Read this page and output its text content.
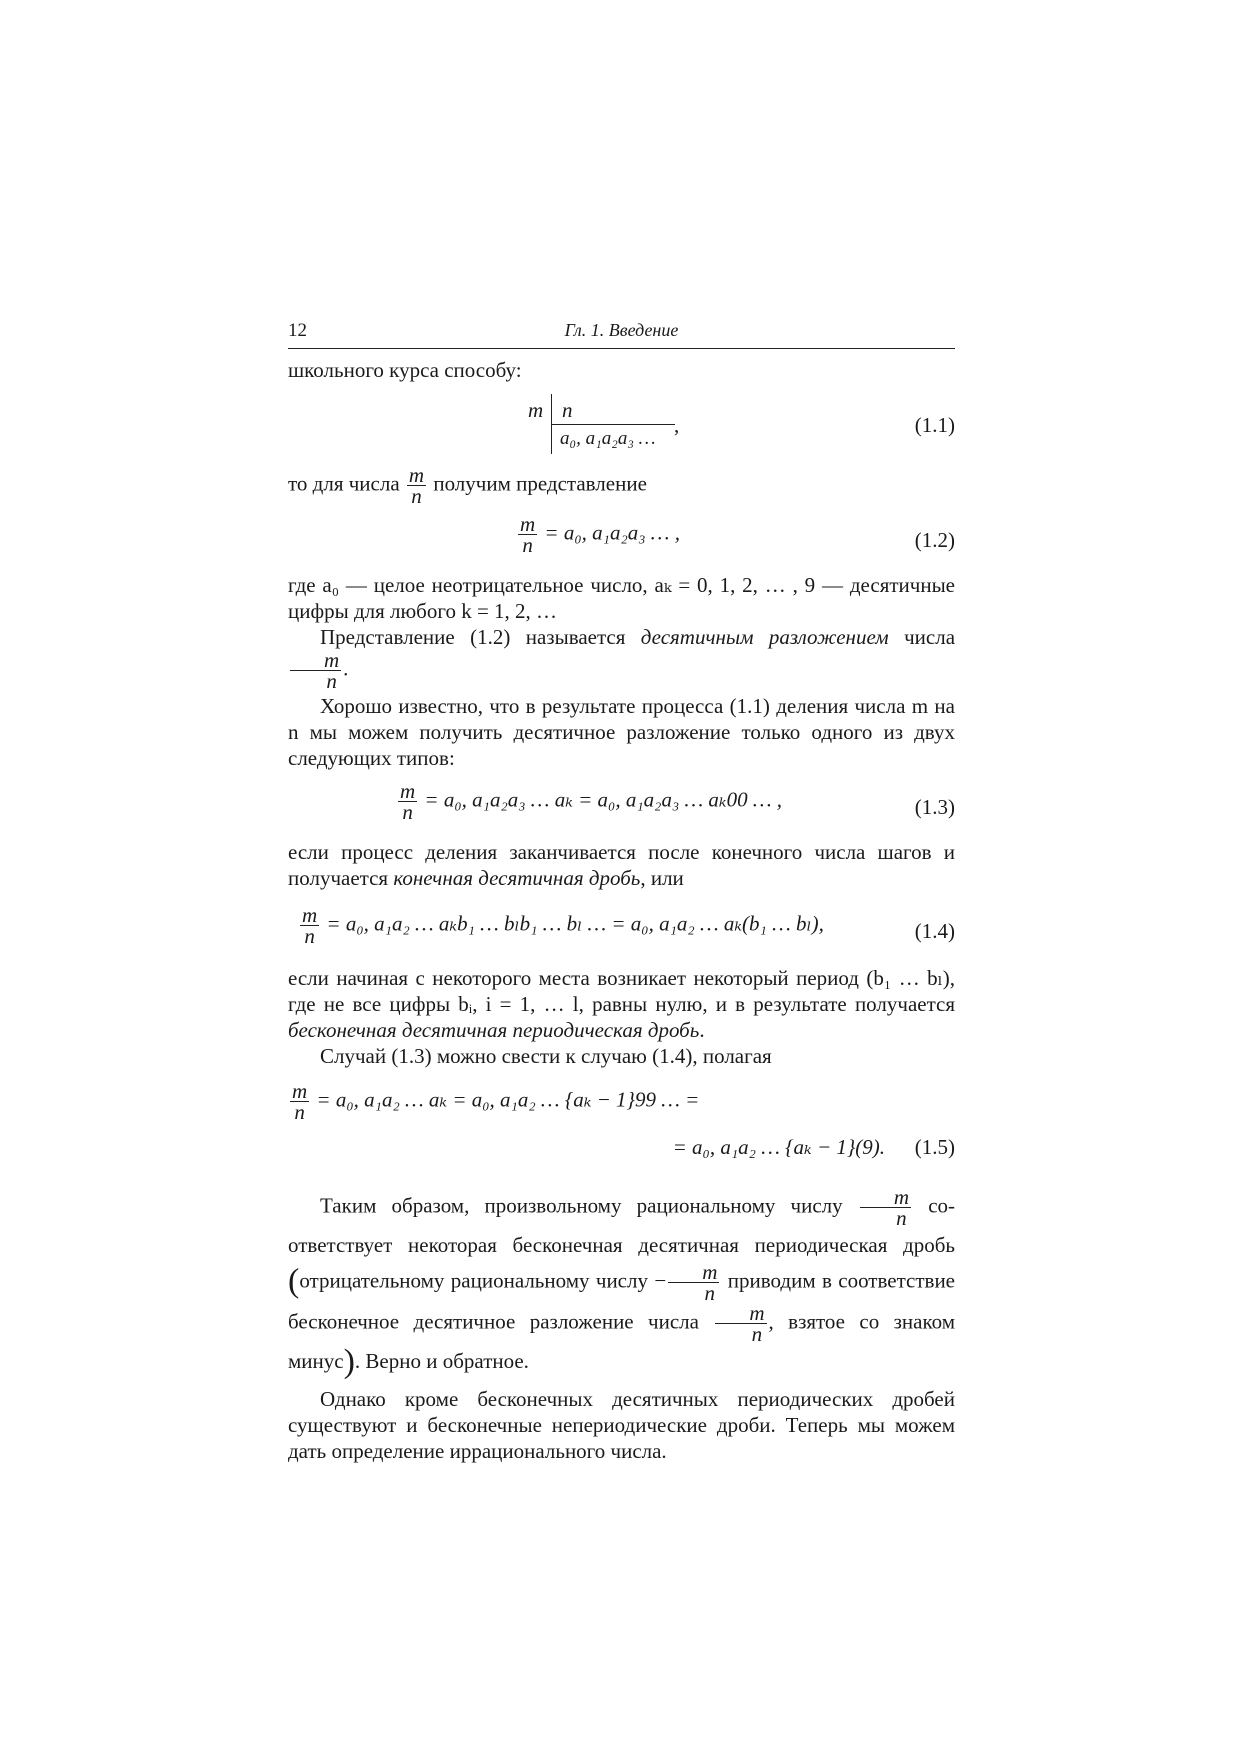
12	Гл. 1. Введение

школьного курса способу:

m n
a₀, a₁a₂a₃ …
,	(1.1)

то для числа $\frac{m}{n}$ получим представление

$\frac{m}{n} = a_0$, a₁a₂a₃ … ,	(1.2)

где a₀ — целое неотрицательное число, aₖ = 0, 1, 2, … , 9 — десятичные цифры для любого k = 1, 2, …

Представление (1.2) называется десятичным разложением числа
$\frac{m}{n}$ .

Хорошо известно, что в результате процесса (1.1) деления числа m на n мы можем получить десятичное разложение только одного из двух следующих типов:

$\frac{m}{n} = a_0$, a₁a₂a₃ … aₖ = a₀, a₁a₂a₃ … aₖ00 … ,	(1.3)

если процесс деления заканчивается после конечного числа шагов и получается конечная десятичная дробь, или

$\frac{m}{n} = a_0$, a₁a₂ … aₖb₁ … bₗb₁ … bₗ … = a₀, a₁a₂ … aₖ(b₁ … bₗ),	(1.4)

если начиная с некоторого места возникает некоторый период (b₁ … bₗ), где не все цифры bᵢ, i = 1, … l, равны нулю, и в результате получается бесконечная десятичная периодическая дробь.

Случай (1.3) можно свести к случаю (1.4), полагая

$\frac{m}{n} = a_0$, a₁a₂ … aₖ = a₀, a₁a₂ … {aₖ − 1}99 … =
= a₀, a₁a₂ … {aₖ − 1}(9). (1.5)

Таким образом, произвольному рациональному числу $\frac{m}{n}$ соответствует некоторая бесконечная десятичная периодическая дробь (отрицательному рациональному числу − $\frac{m}{n}$ приводим в соответствие бесконечное десятичное разложение числа $\frac{m}{n}$ , взятое со знаком минус). Верно и обратное.

Однако кроме бесконечных десятичных периодических дробей существуют и бесконечные непериодические дроби. Теперь мы можем дать определение иррационального числа.
